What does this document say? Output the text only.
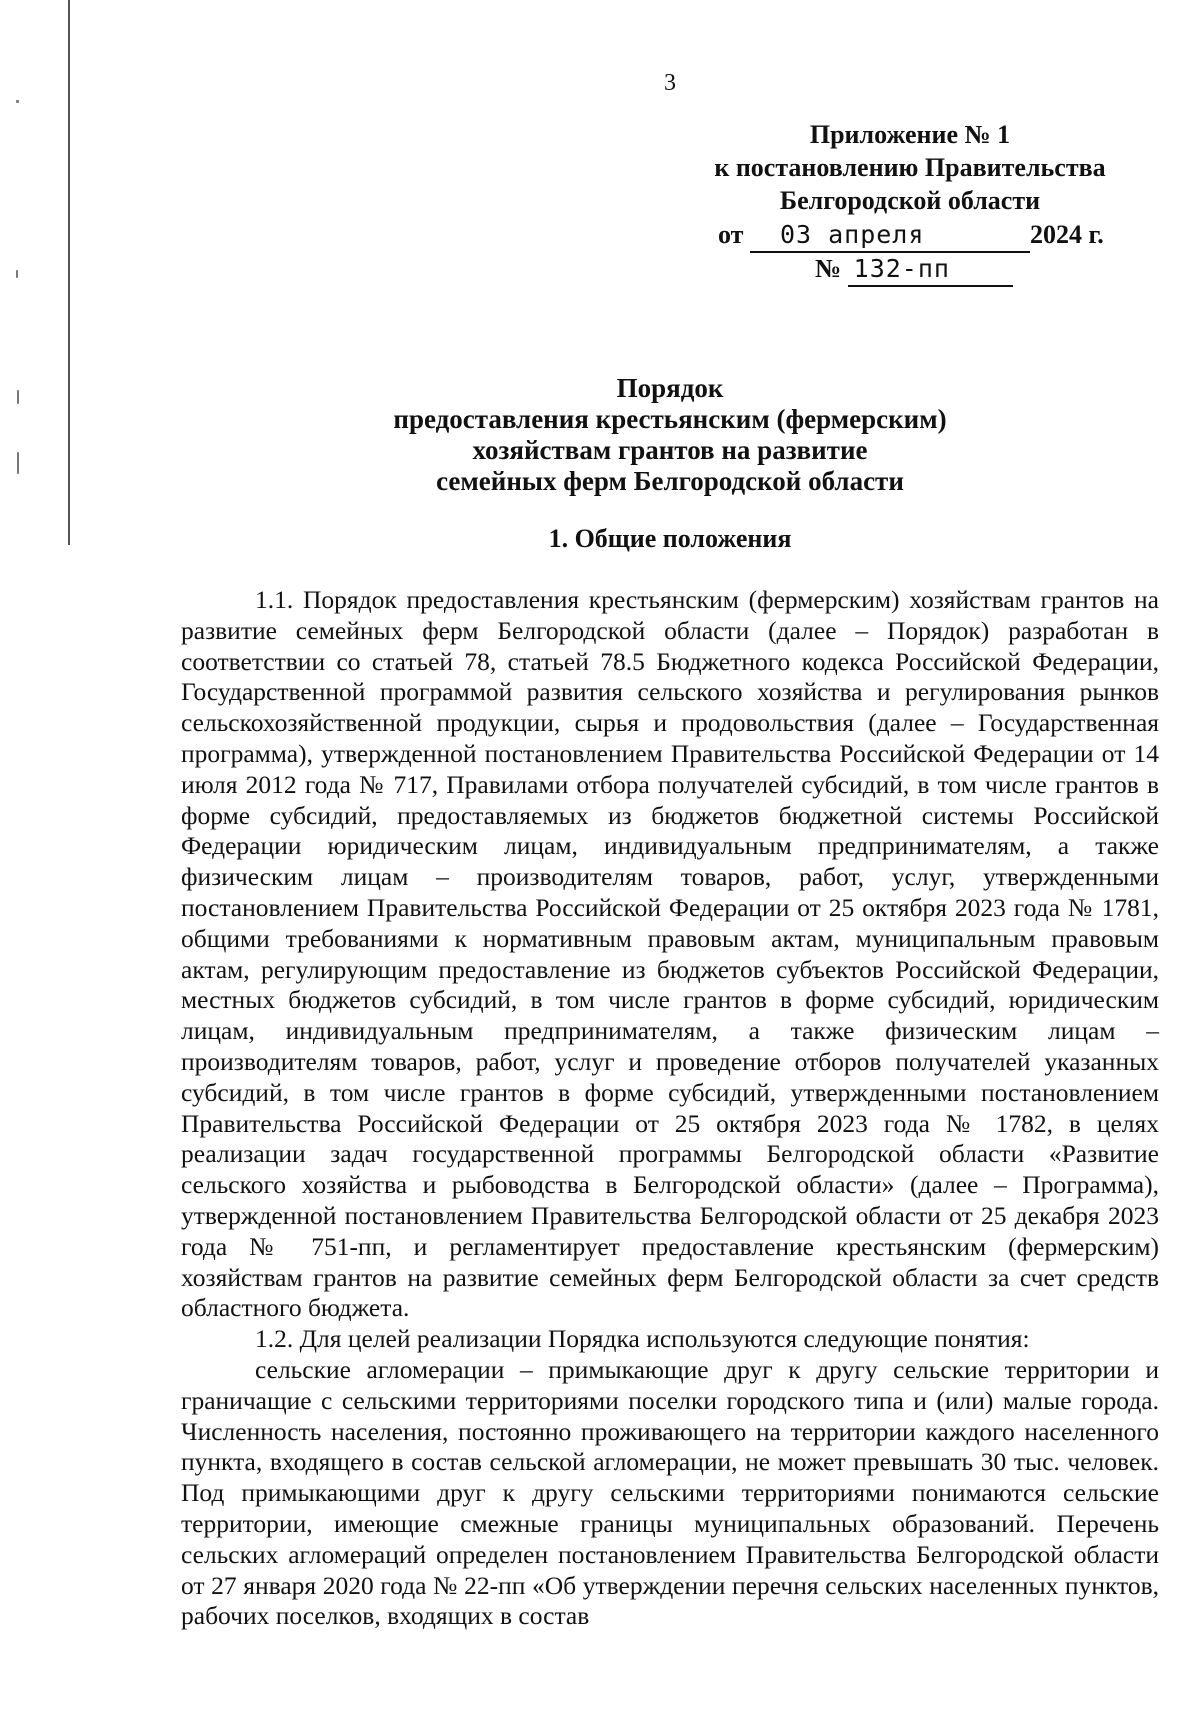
3
Приложение № 1
к постановлению Правительства
Белгородской области
от 03 апреля	2024 г.
№ 132-пп
Порядок
предоставления крестьянским (фермерским)
хозяйствам грантов на развитие
семейных ферм Белгородской области
1. Общие положения

1.1. Порядок предоставления крестьянским (фермерским) хозяйствам грантов на развитие семейных ферм Белгородской области (далее – Порядок) разработан в соответствии со статьей 78, статьей 78.5 Бюджетного кодекса Российской Федерации, Государственной программой развития сельского хозяйства и регулирования рынков сельскохозяйственной продукции, сырья и продовольствия (далее – Государственная программа), утвержденной постановлением Правительства Российской Федерации от 14 июля 2012 года № 717, Правилами отбора получателей субсидий, в том числе грантов в форме субсидий, предоставляемых из бюджетов бюджетной системы Российской Федерации юридическим лицам, индивидуальным предпринимателям, а также физическим лицам – производителям товаров, работ, услуг, утвержденными постановлением Правительства Российской Федерации от 25 октября 2023 года № 1781, общими требованиями к нормативным правовым актам, муниципальным правовым актам, регулирующим предоставление из бюджетов субъектов Российской Федерации, местных бюджетов субсидий, в том числе грантов в форме субсидий, юридическим лицам, индивидуальным предпринимателям, а также физическим лицам – производителям товаров, работ, услуг и проведение отборов получателей указанных субсидий, в том числе грантов в форме субсидий, утвержденными постановлением Правительства Российской Федерации от 25 октября 2023 года № 1782, в целях реализации задач государственной программы Белгородской области «Развитие сельского хозяйства и рыбоводства в Белгородской области» (далее – Программа), утвержденной постановлением Правительства Белгородской области от 25 декабря 2023 года № 751-пп, и регламентирует предоставление крестьянским (фермерским) хозяйствам грантов на развитие семейных ферм Белгородской области за счет средств областного бюджета.

1.2. Для целей реализации Порядка используются следующие понятия:

сельские агломерации – примыкающие друг к другу сельские территории и граничащие с сельскими территориями поселки городского типа и (или) малые города. Численность населения, постоянно проживающего на территории каждого населенного пункта, входящего в состав сельской агломерации, не может превышать 30 тыс. человек. Под примыкающими друг к другу сельскими территориями понимаются сельские территории, имеющие смежные границы муниципальных образований. Перечень сельских агломераций определен постановлением Правительства Белгородской области от 27 января 2020 года № 22-пп «Об утверждении перечня сельских населенных пунктов, рабочих поселков, входящих в состав
